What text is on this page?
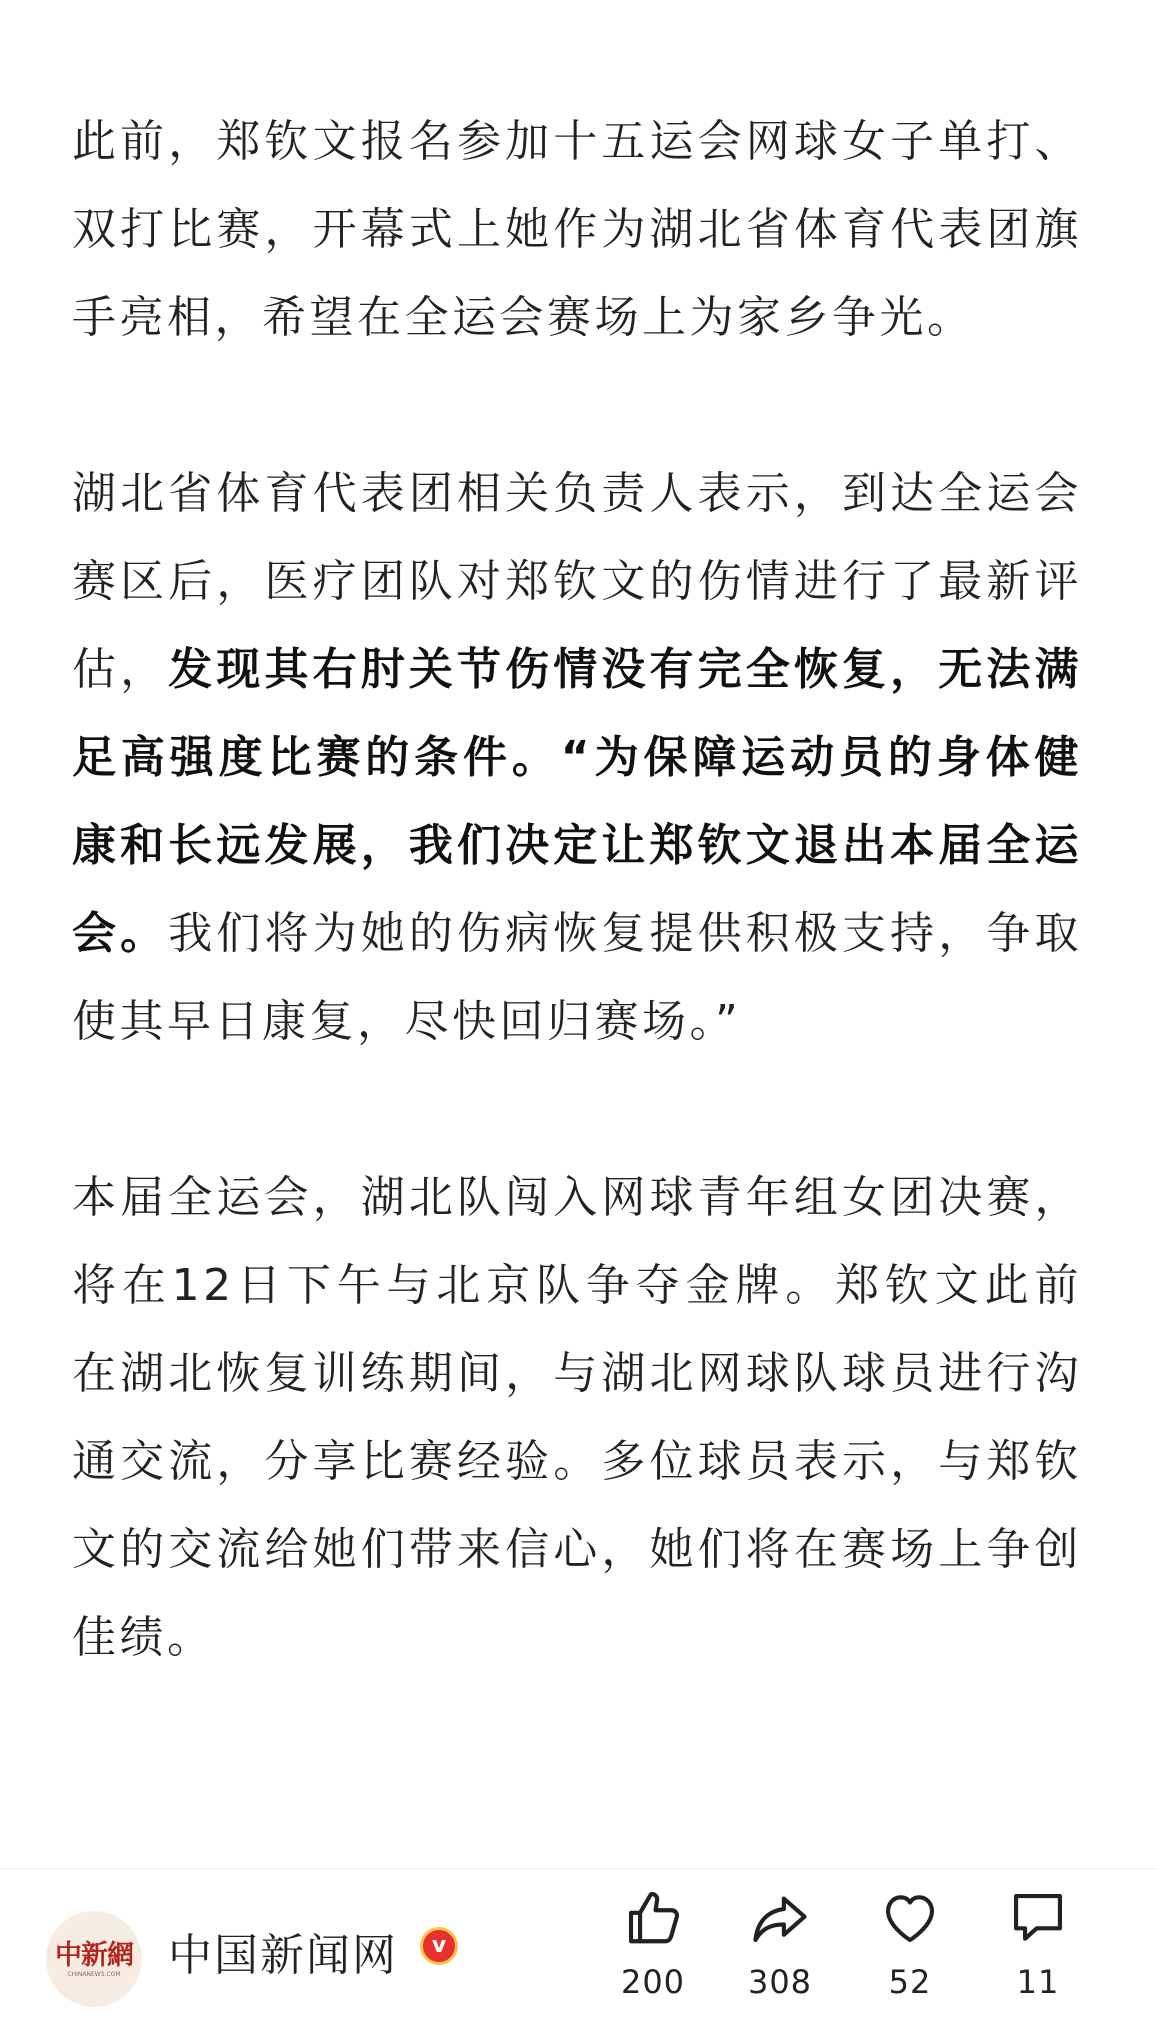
此前，郑钦文报名参加十五运会网球女子单打、双打比赛，开幕式上她作为湖北省体育代表团旗手亮相，希望在全运会赛场上为家乡争光。

湖北省体育代表团相关负责人表示，到达全运会赛区后，医疗团队对郑钦文的伤情进行了最新评估，发现其右肘关节伤情没有完全恢复，无法满足高强度比赛的条件。“为保障运动员的身体健康和长远发展，我们决定让郑钦文退出本届全运会。我们将为她的伤病恢复提供积极支持，争取使其早日康复，尽快回归赛场。”

本届全运会，湖北队闯入网球青年组女团决赛，将在12日下午与北京队争夺金牌。郑钦文此前在湖北恢复训练期间，与湖北网球队球员进行沟通交流，分享比赛经验。多位球员表示，与郑钦文的交流给她们带来信心，她们将在赛场上争创佳绩。

中新網
CHINANEWS.COM	中国新闻网	v
200	308	52	11
